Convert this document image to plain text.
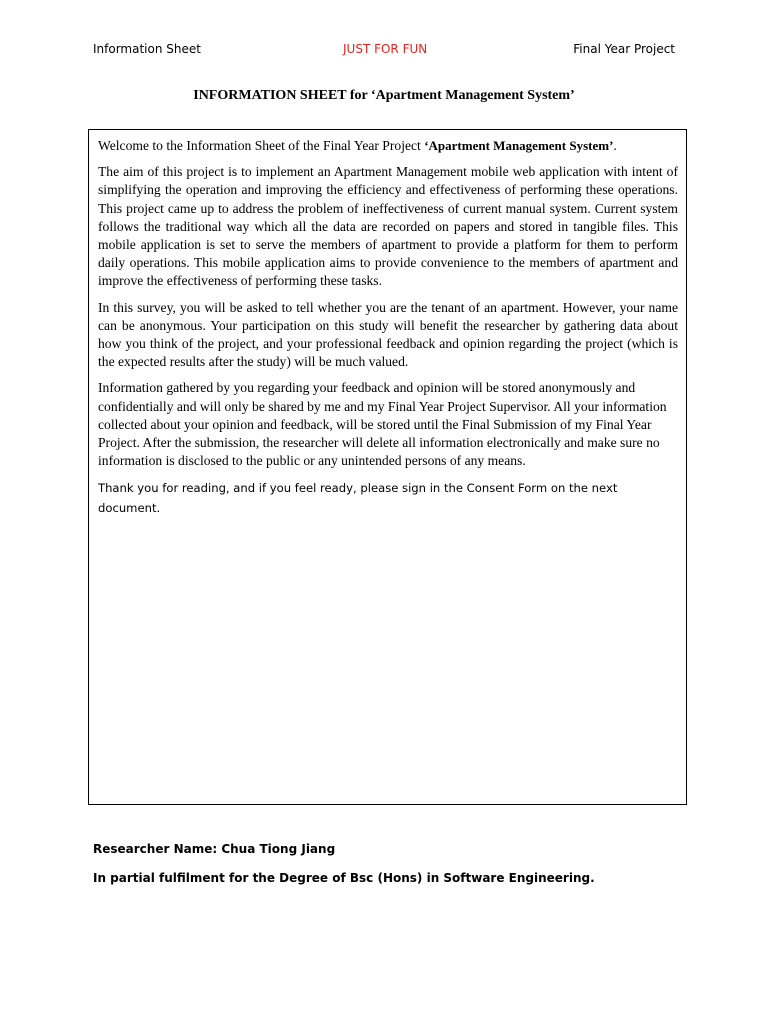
Information Sheet	JUST FOR FUN	Final Year Project
INFORMATION SHEET for ‘Apartment Management System’

Welcome to the Information Sheet of the Final Year Project ‘Apartment Management System’.

The aim of this project is to implement an Apartment Management mobile web application with intent of simplifying the operation and improving the efficiency and effectiveness of performing these operations. This project came up to address the problem of ineffectiveness of current manual system. Current system follows the traditional way which all the data are recorded on papers and stored in tangible files. This mobile application is set to serve the members of apartment to provide a platform for them to perform daily operations. This mobile application aims to provide convenience to the members of apartment and improve the effectiveness of performing these tasks.

In this survey, you will be asked to tell whether you are the tenant of an apartment. However, your name can be anonymous. Your participation on this study will benefit the researcher by gathering data about how you think of the project, and your professional feedback and opinion regarding the project (which is the expected results after the study) will be much valued.

Information gathered by you regarding your feedback and opinion will be stored anonymously and confidentially and will only be shared by me and my Final Year Project Supervisor. All your information collected about your opinion and feedback, will be stored until the Final Submission of my Final Year Project. After the submission, the researcher will delete all information electronically and make sure no information is disclosed to the public or any unintended persons of any means.

Thank you for reading, and if you feel ready, please sign in the Consent Form on the next document.

Researcher Name: Chua Tiong Jiang
In partial fulfilment for the Degree of Bsc (Hons) in Software Engineering.
